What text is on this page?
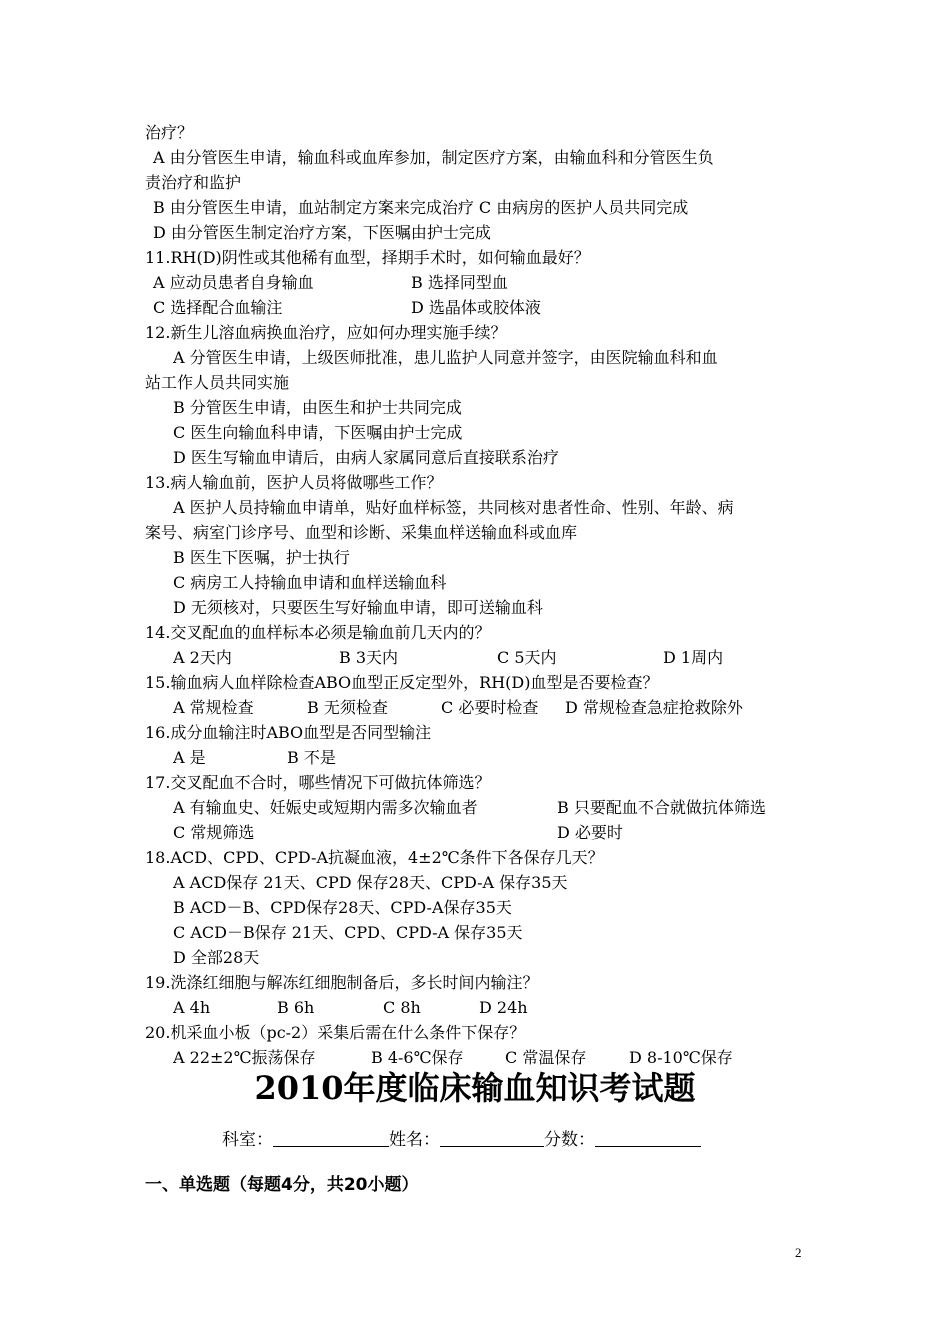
治疗？
A 由分管医生申请，输血科或血库参加，制定医疗方案，由输血科和分管医生负
责治疗和监护
B 由分管医生申请，血站制定方案来完成治疗 C 由病房的医护人员共同完成
D 由分管医生制定治疗方案，下医嘱由护士完成
11.RH(D)阴性或其他稀有血型，择期手术时，如何输血最好？
A 应动员患者自身输血	B 选择同型血
C 选择配合血输注	D 选晶体或胶体液
12.新生儿溶血病换血治疗，应如何办理实施手续？
A 分管医生申请，上级医师批准，患儿监护人同意并签字，由医院输血科和血
站工作人员共同实施
B 分管医生申请，由医生和护士共同完成
C 医生向输血科申请，下医嘱由护士完成
D 医生写输血申请后，由病人家属同意后直接联系治疗
13.病人输血前，医护人员将做哪些工作？
A 医护人员持输血申请单，贴好血样标签，共同核对患者性命、性别、年龄、病
案号、病室门诊序号、血型和诊断、采集血样送输血科或血库
B 医生下医嘱，护士执行
C 病房工人持输血申请和血样送输血科
D 无须核对，只要医生写好输血申请，即可送输血科
14.交叉配血的血样标本必须是输血前几天内的？
A 2天内	B 3天内	C 5天内	D 1周内
15.输血病人血样除检查ABO血型正反定型外，RH(D)血型是否要检查？
A 常规检查	B 无须检查	C 必要时检查 D 常规检查急症抢救除外
16.成分血输注时ABO血型是否同型输注
A 是	B 不是
17.交叉配血不合时，哪些情况下可做抗体筛选？
A 有输血史、妊娠史或短期内需多次输血者	B 只要配血不合就做抗体筛选
C 常规筛选	D 必要时
18.ACD、CPD、CPD-A抗凝血液，4±2℃条件下各保存几天？
A ACD保存 21天、CPD 保存28天、CPD-A 保存35天
B ACD－B、CPD保存28天、CPD-A保存35天
C ACD－B保存 21天、CPD、CPD-A 保存35天
D 全部28天
19.洗涤红细胞与解冻红细胞制备后，多长时间内输注？
A 4h	B 6h	C 8h	D 24h
20.机采血小板（pc-2）采集后需在什么条件下保存？
A 22±2℃振荡保存	B 4-6℃保存	C 常温保存	D 8-10℃保存
2010年度临床输血知识考试题
科室：	姓名：	分数：
一、单选题（每题4分，共20小题）
2
